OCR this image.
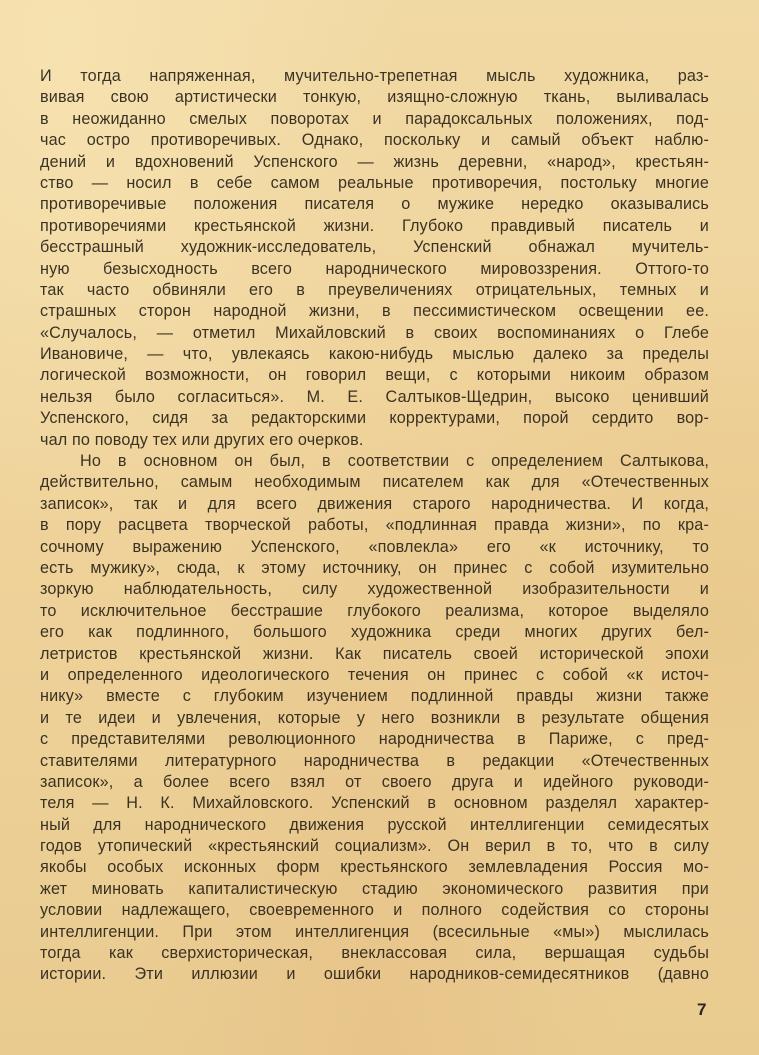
И тогда напряженная, мучительно-трепетная мысль художника, раз-
вивая свою артистически тонкую, изящно-сложную ткань, выливалась
в неожиданно смелых поворотах и парадоксальных положениях, под-
час остро противоречивых. Однако, поскольку и самый объект наблю-
дений и вдохновений Успенского — жизнь деревни, «народ», крестьян-
ство — носил в себе самом реальные противоречия, постольку многие
противоречивые положения писателя о мужике нередко оказывались
противоречиями крестьянской жизни. Глубоко правдивый писатель и
бесстрашный художник-исследователь, Успенский обнажал мучитель-
ную безысходность всего народнического мировоззрения. Оттого-то
так часто обвиняли его в преувеличениях отрицательных, темных и
страшных сторон народной жизни, в пессимистическом освещении ее.
«Случалось, — отметил Михайловский в своих воспоминаниях о Глебе
Ивановиче, — что, увлекаясь какою-нибудь мыслью далеко за пределы
логической возможности, он говорил вещи, с которыми никоим образом
нельзя было согласиться». М. Е. Салтыков-Щедрин, высоко ценивший
Успенского, сидя за редакторскими корректурами, порой сердито вор-
чал по поводу тех или других его очерков.
Но в основном он был, в соответствии с определением Салтыкова,
действительно, самым необходимым писателем как для «Отечественных
записок», так и для всего движения старого народничества. И когда,
в пору расцвета творческой работы, «подлинная правда жизни», по кра-
сочному выражению Успенского, «повлекла» его «к источнику, то
есть мужику», сюда, к этому источнику, он принес с собой изумительно
зоркую наблюдательность, силу художественной изобразительности и
то исключительное бесстрашие глубокого реализма, которое выделяло
его как подлинного, большого художника среди многих других бел-
летристов крестьянской жизни. Как писатель своей исторической эпохи
и определенного идеологического течения он принес с собой «к источ-
нику» вместе с глубоким изучением подлинной правды жизни также
и те идеи и увлечения, которые у него возникли в результате общения
с представителями революционного народничества в Париже, с пред-
ставителями литературного народничества в редакции «Отечественных
записок», а более всего взял от своего друга и идейного руководи-
теля — Н. К. Михайловского. Успенский в основном разделял характер-
ный для народнического движения русской интеллигенции семидесятых
годов утопический «крестьянский социализм». Он верил в то, что в силу
якобы особых исконных форм крестьянского землевладения Россия мо-
жет миновать капиталистическую стадию экономического развития при
условии надлежащего, своевременного и полного содействия со стороны
интеллигенции. При этом интеллигенция (всесильные «мы») мыслилась
тогда как сверхисторическая, внеклассовая сила, вершащая судьбы
истории. Эти иллюзии и ошибки народников-семидесятников (давно
7
